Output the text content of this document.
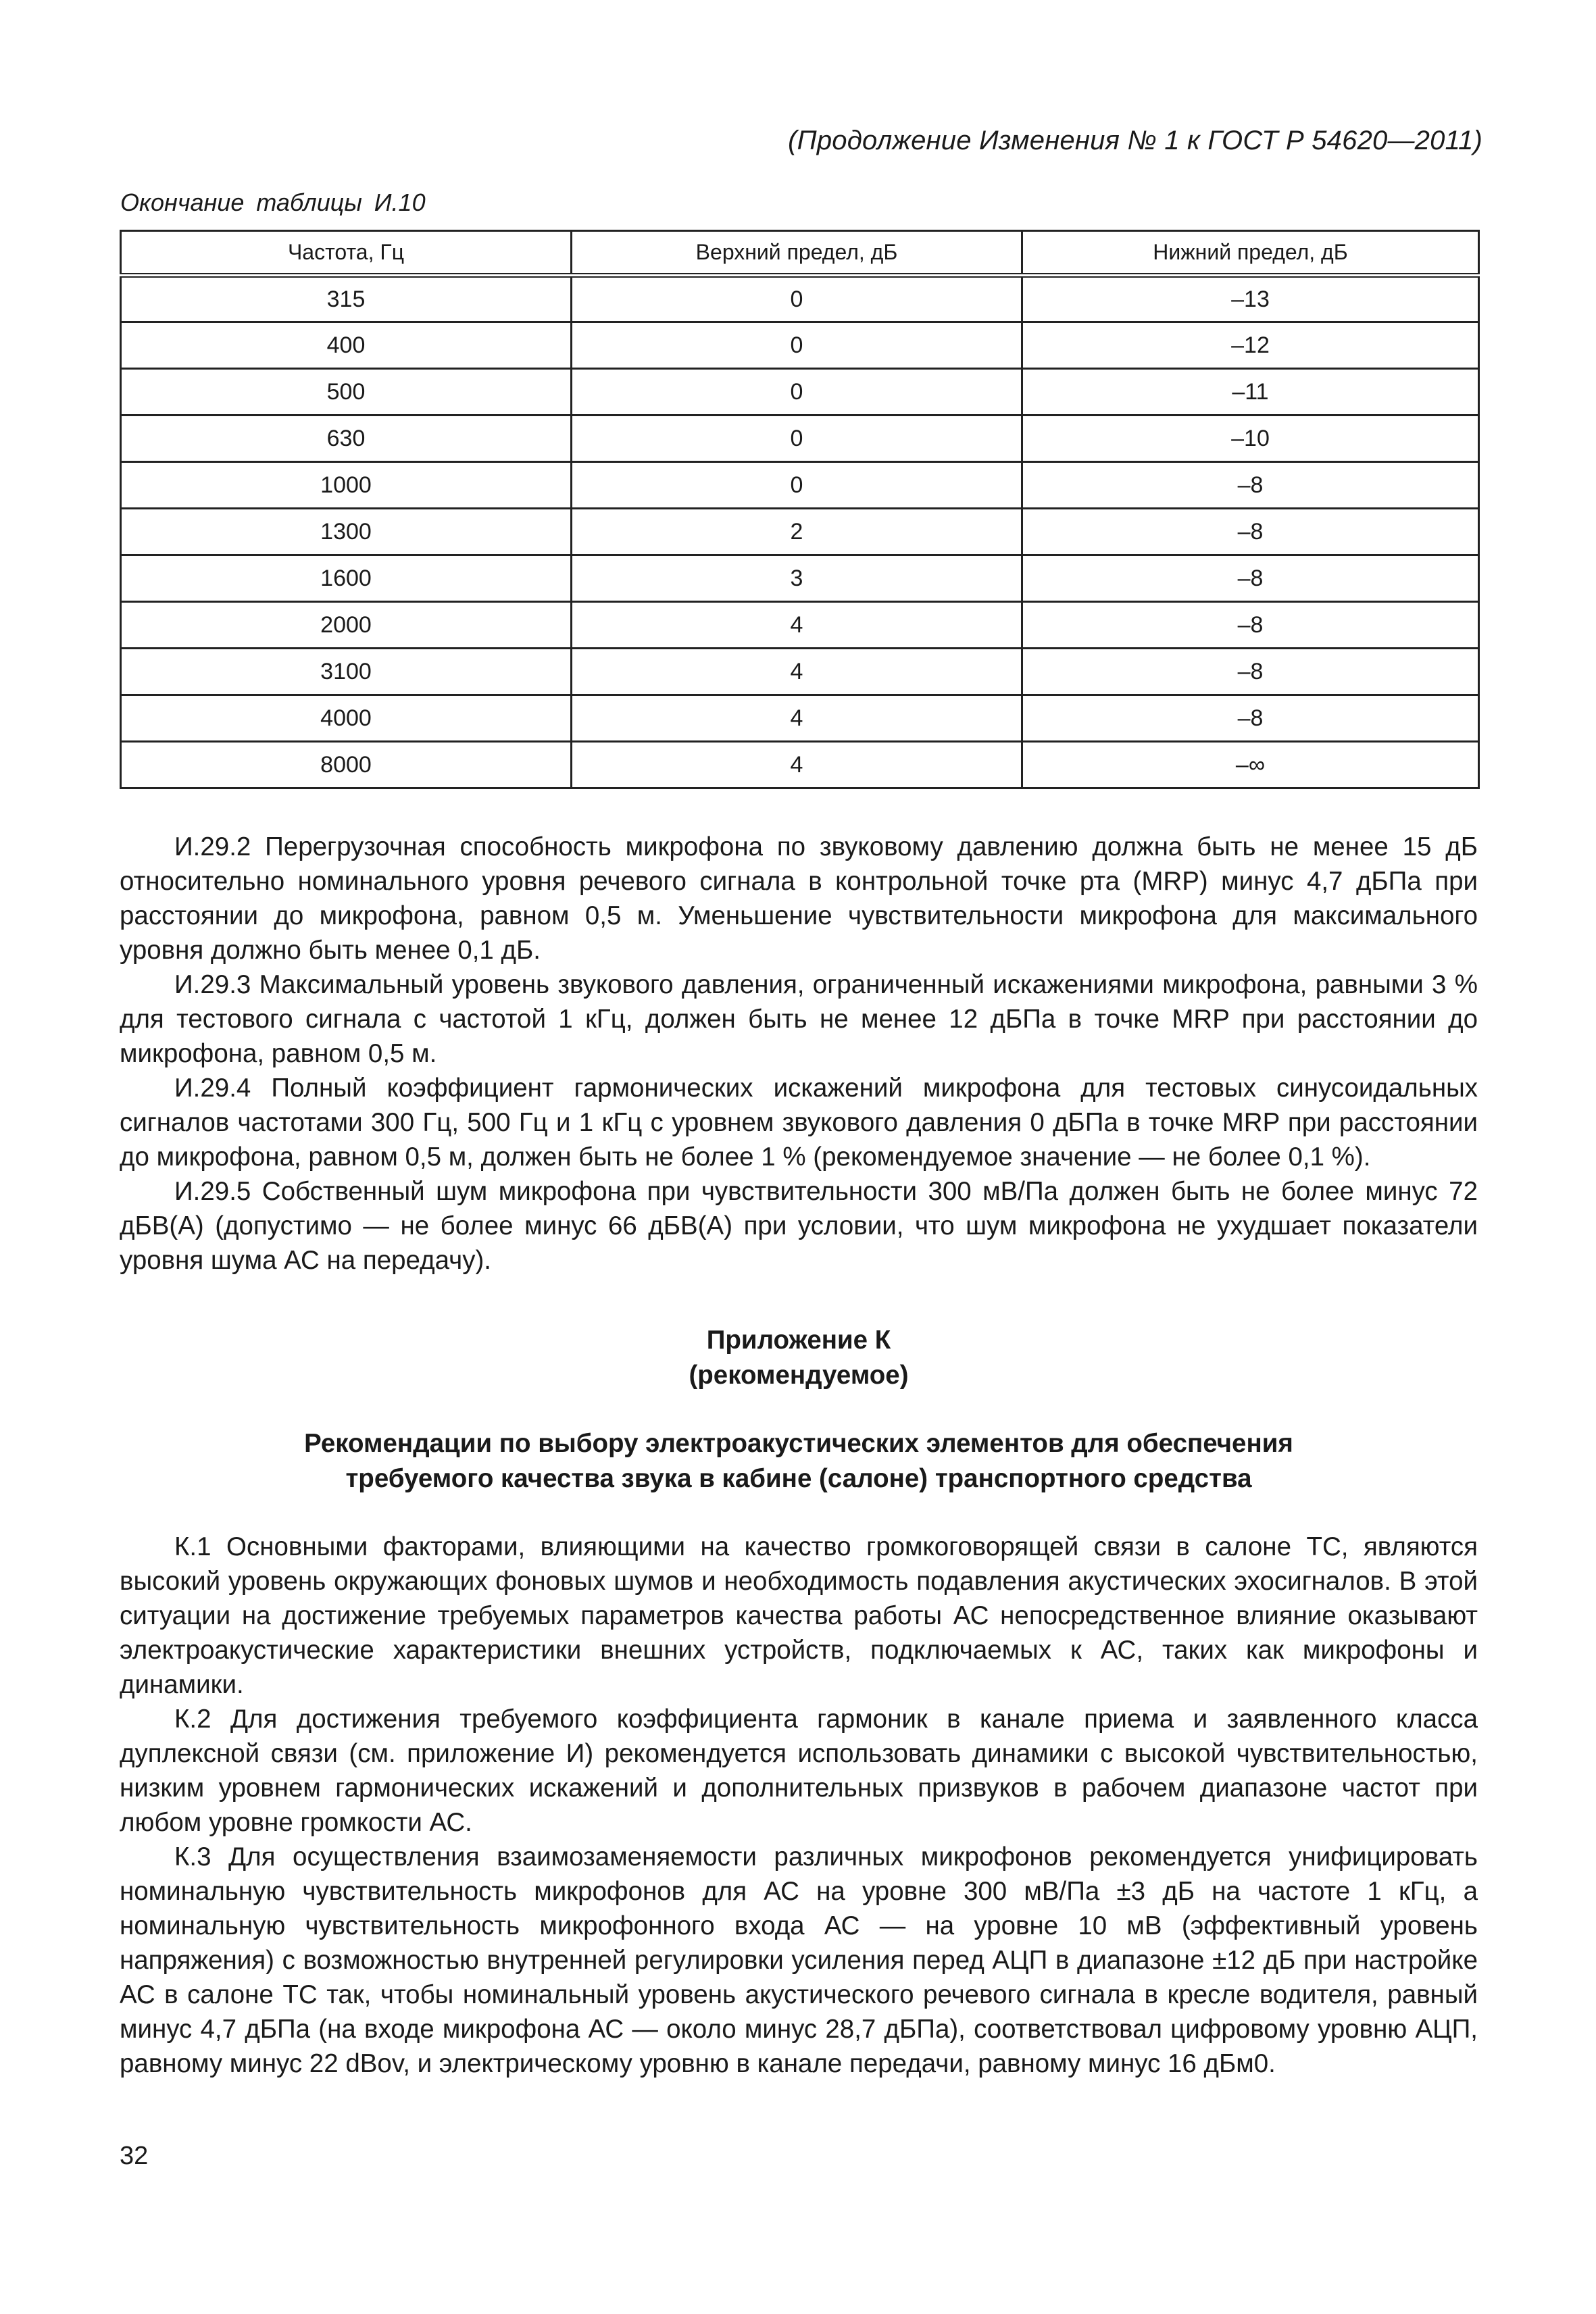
(Продолжение Изменения № 1 к ГОСТ Р 54620—2011)
Окончание таблицы И.10
Частота, Гц	Верхний предел, дБ	Нижний предел, дБ
315	0	–13
400	0	–12
500	0	–11
630	0	–10
1000	0	–8
1300	2	–8
1600	3	–8
2000	4	–8
3100	4	–8
4000	4	–8
8000	4	–∞

И.29.2 Перегрузочная способность микрофона по звуковому давлению должна быть не менее 15 дБ относительно номинального уровня речевого сигнала в контрольной точке рта (MRP) минус 4,7 дБПа при расстоянии до микрофона, равном 0,5 м. Уменьшение чувствительности микрофона для максимального уровня должно быть менее 0,1 дБ.

И.29.3 Максимальный уровень звукового давления, ограниченный искажениями микрофона, равными 3 % для тестового сигнала с частотой 1 кГц, должен быть не менее 12 дБПа в точке MRP при расстоянии до микрофона, равном 0,5 м.

И.29.4 Полный коэффициент гармонических искажений микрофона для тестовых синусоидальных сигналов частотами 300 Гц, 500 Гц и 1 кГц с уровнем звукового давления 0 дБПа в точке MRP при расстоянии до микрофона, равном 0,5 м, должен быть не более 1 % (рекомендуемое значение — не более 0,1 %).

И.29.5 Собственный шум микрофона при чувствительности 300 мВ/Па должен быть не более минус 72 дБВ(А) (допустимо — не более минус 66 дБВ(А) при условии, что шум микрофона не ухудшает показатели уровня шума АС на передачу).

Приложение К
(рекомендуемое)
Рекомендации по выбору электроакустических элементов для обеспечения
требуемого качества звука в кабине (салоне) транспортного средства

К.1 Основными факторами, влияющими на качество громкоговорящей связи в салоне ТС, являются высокий уровень окружающих фоновых шумов и необходимость подавления акустических эхосигналов. В этой ситуации на достижение требуемых параметров качества работы АС непосредственное влияние оказывают электроакустические характеристики внешних устройств, подключаемых к АС, таких как микрофоны и динамики.

К.2 Для достижения требуемого коэффициента гармоник в канале приема и заявленного класса дуплексной связи (см. приложение И) рекомендуется использовать динамики с высокой чувствительностью, низким уровнем гармонических искажений и дополнительных призвуков в рабочем диапазоне частот при любом уровне громкости АС.

К.3 Для осуществления взаимозаменяемости различных микрофонов рекомендуется унифицировать номинальную чувствительность микрофонов для АС на уровне 300 мВ/Па ±3 дБ на частоте 1 кГц, а номинальную чувствительность микрофонного входа АС — на уровне 10 мВ (эффективный уровень напряжения) с возможностью внутренней регулировки усиления перед АЦП в диапазоне ±12 дБ при настройке АС в салоне ТС так, чтобы номинальный уровень акустического речевого сигнала в кресле водителя, равный минус 4,7 дБПа (на входе микрофона АС — около минус 28,7 дБПа), соответствовал цифровому уровню АЦП, равному минус 22 dBov, и электрическому уровню в канале передачи, равному минус 16 дБм0.

32
